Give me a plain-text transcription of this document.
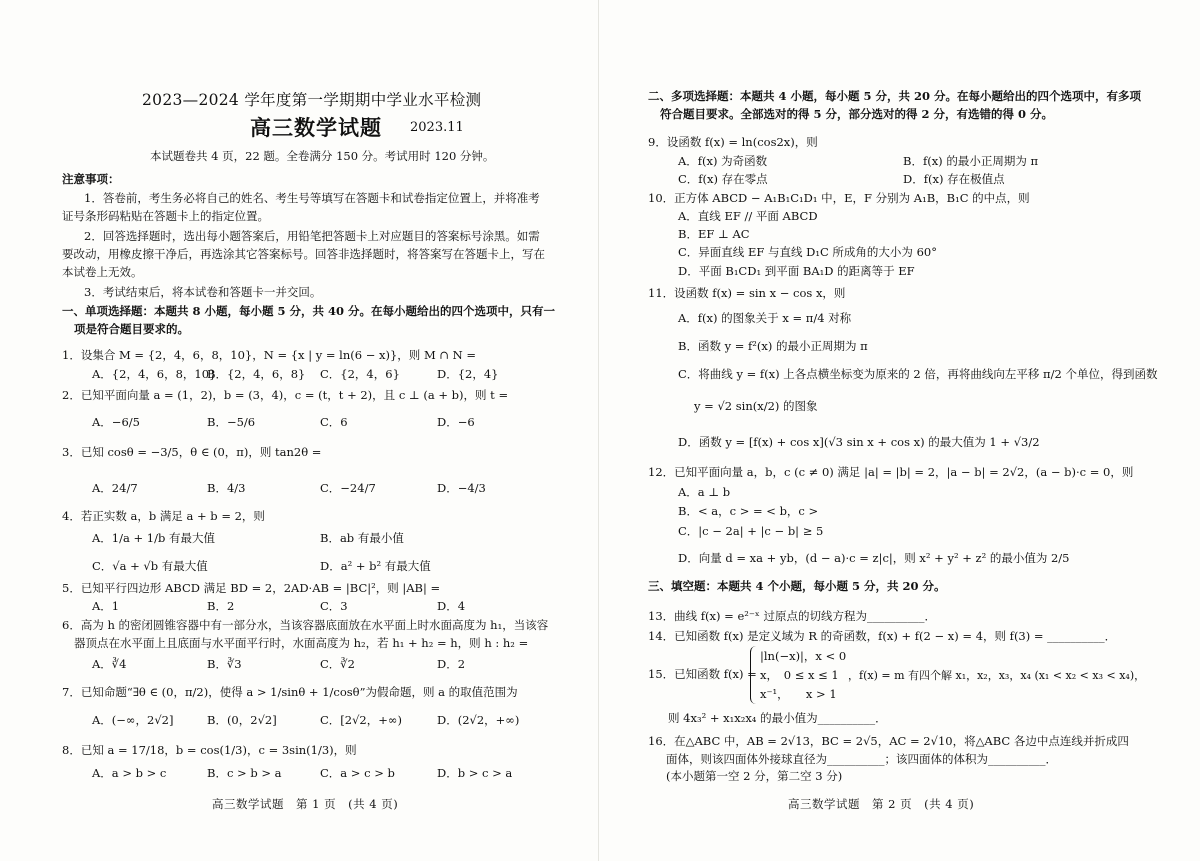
2023—2024 学年度第一学期期中学业水平检测
高三数学试题 2023.11
本试题卷共 4 页，22 题。全卷满分 150 分。考试用时 120 分钟。
注意事项：
1．答卷前，考生务必将自己的姓名、考生号等填写在答题卡和试卷指定位置上，并将准考
证号条形码粘贴在答题卡上的指定位置。
2．回答选择题时，选出每小题答案后，用铅笔把答题卡上对应题目的答案标号涂黑。如需
要改动，用橡皮擦干净后，再选涂其它答案标号。回答非选择题时，将答案写在答题卡上，写在
本试卷上无效。
3．考试结束后，将本试卷和答题卡一并交回。
一、单项选择题：本题共 8 小题，每小题 5 分，共 40 分。在每小题给出的四个选项中，只有一
项是符合题目要求的。
1．设集合 M = {2，4，6，8，10}，N = {x | y = ln(6 − x)}，则 M ∩ N =
A．{2，4，6，8，10}
B．{2，4，6，8} C．{2，4，6}	D．{2，4}
2．已知平面向量 a = (1，2)，b = (3，4)，c = (t，t + 2)，且 c ⊥ (a + b)，则 t =
A．−6/5	B．−5/6	C．6	D．−6
3．已知 cosθ = −3/5，θ ∈ (0，π)，则 tan2θ =
A．24/7	B．4/3	C．−24/7	D．−4/3
4．若正实数 a，b 满足 a + b = 2，则
A．1/a + 1/b 有最大值	B．ab 有最小值
C．√a + √b 有最大值	D．a² + b² 有最大值
5．已知平行四边形 ABCD 满足 BD = 2，2AD·AB = |BC|²，则 |AB| =
A．1	B．2	C．3	D．4
6．高为 h 的密闭圆锥容器中有一部分水，当该容器底面放在水平面上时水面高度为 h₁，当该容
器顶点在水平面上且底面与水平面平行时，水面高度为 h₂，若 h₁ + h₂ = h，则 h : h₂ =
A．∛4	B．∛3	C．∛2	D．2
7．已知命题“∃θ ∈ (0，π/2)，使得 a > 1/sinθ + 1/cosθ”为假命题，则 a 的取值范围为
A．(−∞，2√2]	B．(0，2√2]	C．[2√2，+∞)	D．(2√2，+∞)
8．已知 a = 17/18，b = cos(1/3)，c = 3sin(1/3)，则
A．a > b > c	B．c > b > a	C．a > c > b	D．b > c > a
高三数学试题　第 1 页　(共 4 页)
二、多项选择题：本题共 4 小题，每小题 5 分，共 20 分。在每小题给出的四个选项中，有多项
符合题目要求。全部选对的得 5 分，部分选对的得 2 分，有选错的得 0 分。
9．设函数 f(x) = ln(cos2x)，则
A．f(x) 为奇函数	B．f(x) 的最小正周期为 π
C．f(x) 存在零点	D．f(x) 存在极值点
10．正方体 ABCD − A₁B₁C₁D₁ 中，E，F 分别为 A₁B，B₁C 的中点，则
A．直线 EF // 平面 ABCD
B．EF ⊥ AC
C．异面直线 EF 与直线 D₁C 所成角的大小为 60°
D．平面 B₁CD₁ 到平面 BA₁D 的距离等于 EF
11．设函数 f(x) = sin x − cos x，则
A．f(x) 的图象关于 x = π/4 对称
B．函数 y = f²(x) 的最小正周期为 π
C．将曲线 y = f(x) 上各点横坐标变为原来的 2 倍，再将曲线向左平移 π/2 个单位，得到函数
y = √2 sin(x/2) 的图象
D．函数 y = [f(x) + cos x](√3 sin x + cos x) 的最大值为 1 + √3/2
12．已知平面向量 a，b，c (c ≠ 0) 满足 |a| = |b| = 2，|a − b| = 2√2，(a − b)·c = 0，则
A．a ⊥ b
B．< a，c > = < b，c >
C．|c − 2a| + |c − b| ≥ 5
D．向量 d = xa + yb，(d − a)·c = z|c|，则 x² + y² + z² 的最小值为 2/5
三、填空题：本题共 4 个小题，每小题 5 分，共 20 分。
13．曲线 f(x) = e²⁻ˣ 过原点的切线方程为__________．
14．已知函数 f(x) 是定义域为 R 的奇函数，f(x) + f(2 − x) = 4，则 f(3) = __________．
15．已知函数 f(x) =
|ln(−x)|，x < 0
x，　0 ≤ x ≤ 1
x⁻¹，　　x > 1
，f(x) = m 有四个解 x₁，x₂，x₃，x₄ (x₁ < x₂ < x₃ < x₄)，
则 4x₃² + x₁x₂x₄ 的最小值为__________．
16．在△ABC 中，AB = 2√13，BC = 2√5，AC = 2√10，将△ABC 各边中点连线并折成四
面体，则该四面体外接球直径为__________；该四面体的体积为__________．
(本小题第一空 2 分，第二空 3 分)
高三数学试题　第 2 页　(共 4 页)
